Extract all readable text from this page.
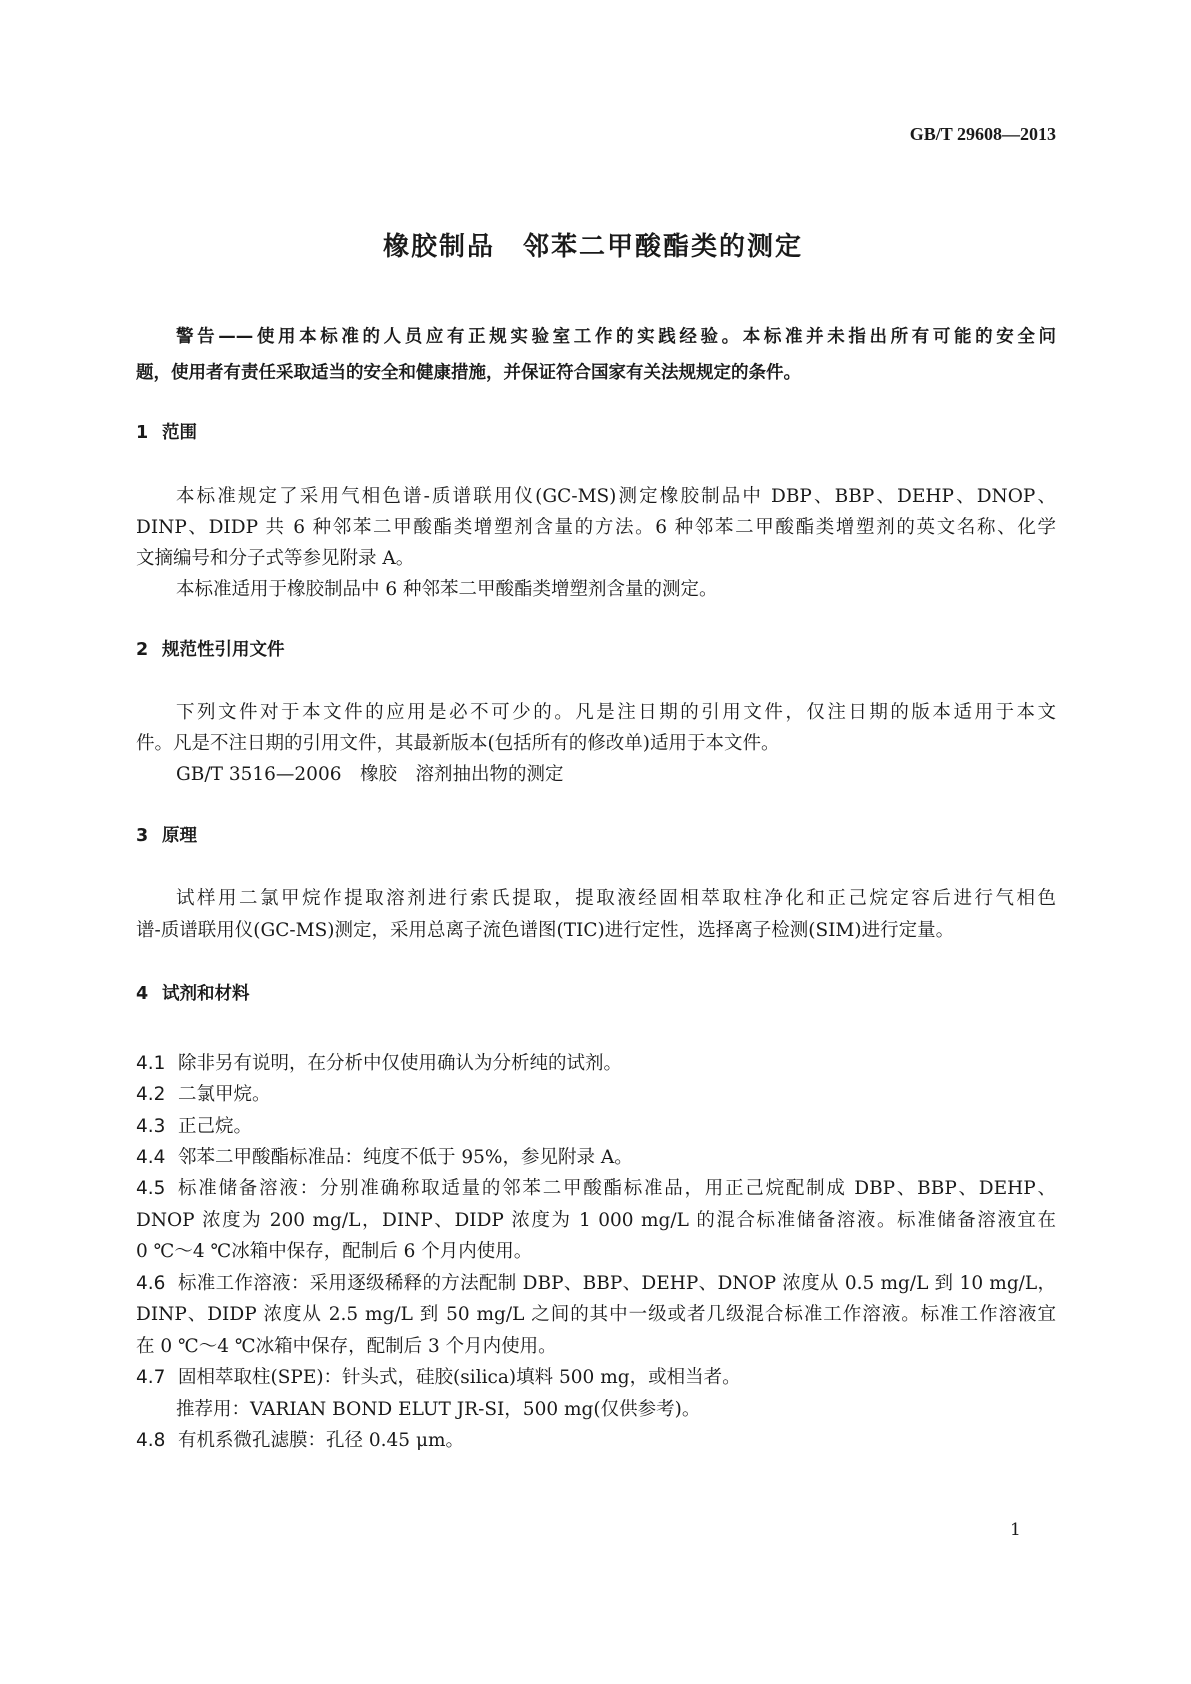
GB/T 29608—2013
橡胶制品　邻苯二甲酸酯类的测定
警告——使用本标准的人员应有正规实验室工作的实践经验。本标准并未指出所有可能的安全问
题，使用者有责任采取适当的安全和健康措施，并保证符合国家有关法规规定的条件。
1 范围
本标准规定了采用气相色谱-质谱联用仪(GC-MS)测定橡胶制品中 DBP、BBP、DEHP、DNOP、
DINP、DIDP 共 6 种邻苯二甲酸酯类增塑剂含量的方法。6 种邻苯二甲酸酯类增塑剂的英文名称、化学
文摘编号和分子式等参见附录 A。
本标准适用于橡胶制品中 6 种邻苯二甲酸酯类增塑剂含量的测定。
2 规范性引用文件
下列文件对于本文件的应用是必不可少的。凡是注日期的引用文件，仅注日期的版本适用于本文
件。凡是不注日期的引用文件，其最新版本(包括所有的修改单)适用于本文件。
GB/T 3516—2006　橡胶　溶剂抽出物的测定
3 原理
试样用二氯甲烷作提取溶剂进行索氏提取，提取液经固相萃取柱净化和正己烷定容后进行气相色
谱-质谱联用仪(GC-MS)测定，采用总离子流色谱图(TIC)进行定性，选择离子检测(SIM)进行定量。
4 试剂和材料
4.1 除非另有说明，在分析中仅使用确认为分析纯的试剂。
4.2 二氯甲烷。
4.3 正己烷。
4.4 邻苯二甲酸酯标准品：纯度不低于 95%，参见附录 A。
4.5 标准储备溶液：分别准确称取适量的邻苯二甲酸酯标准品，用正己烷配制成 DBP、BBP、DEHP、
DNOP 浓度为 200 mg/L，DINP、DIDP 浓度为 1 000 mg/L 的混合标准储备溶液。标准储备溶液宜在
0 ℃～4 ℃冰箱中保存，配制后 6 个月内使用。
4.6 标准工作溶液：采用逐级稀释的方法配制 DBP、BBP、DEHP、DNOP 浓度从 0.5 mg/L 到 10 mg/L，
DINP、DIDP 浓度从 2.5 mg/L 到 50 mg/L 之间的其中一级或者几级混合标准工作溶液。标准工作溶液宜
在 0 ℃～4 ℃冰箱中保存，配制后 3 个月内使用。
4.7 固相萃取柱(SPE)：针头式，硅胶(silica)填料 500 mg，或相当者。
推荐用：VARIAN BOND ELUT JR-SI，500 mg(仅供参考)。
4.8 有机系微孔滤膜：孔径 0.45 μm。
1
